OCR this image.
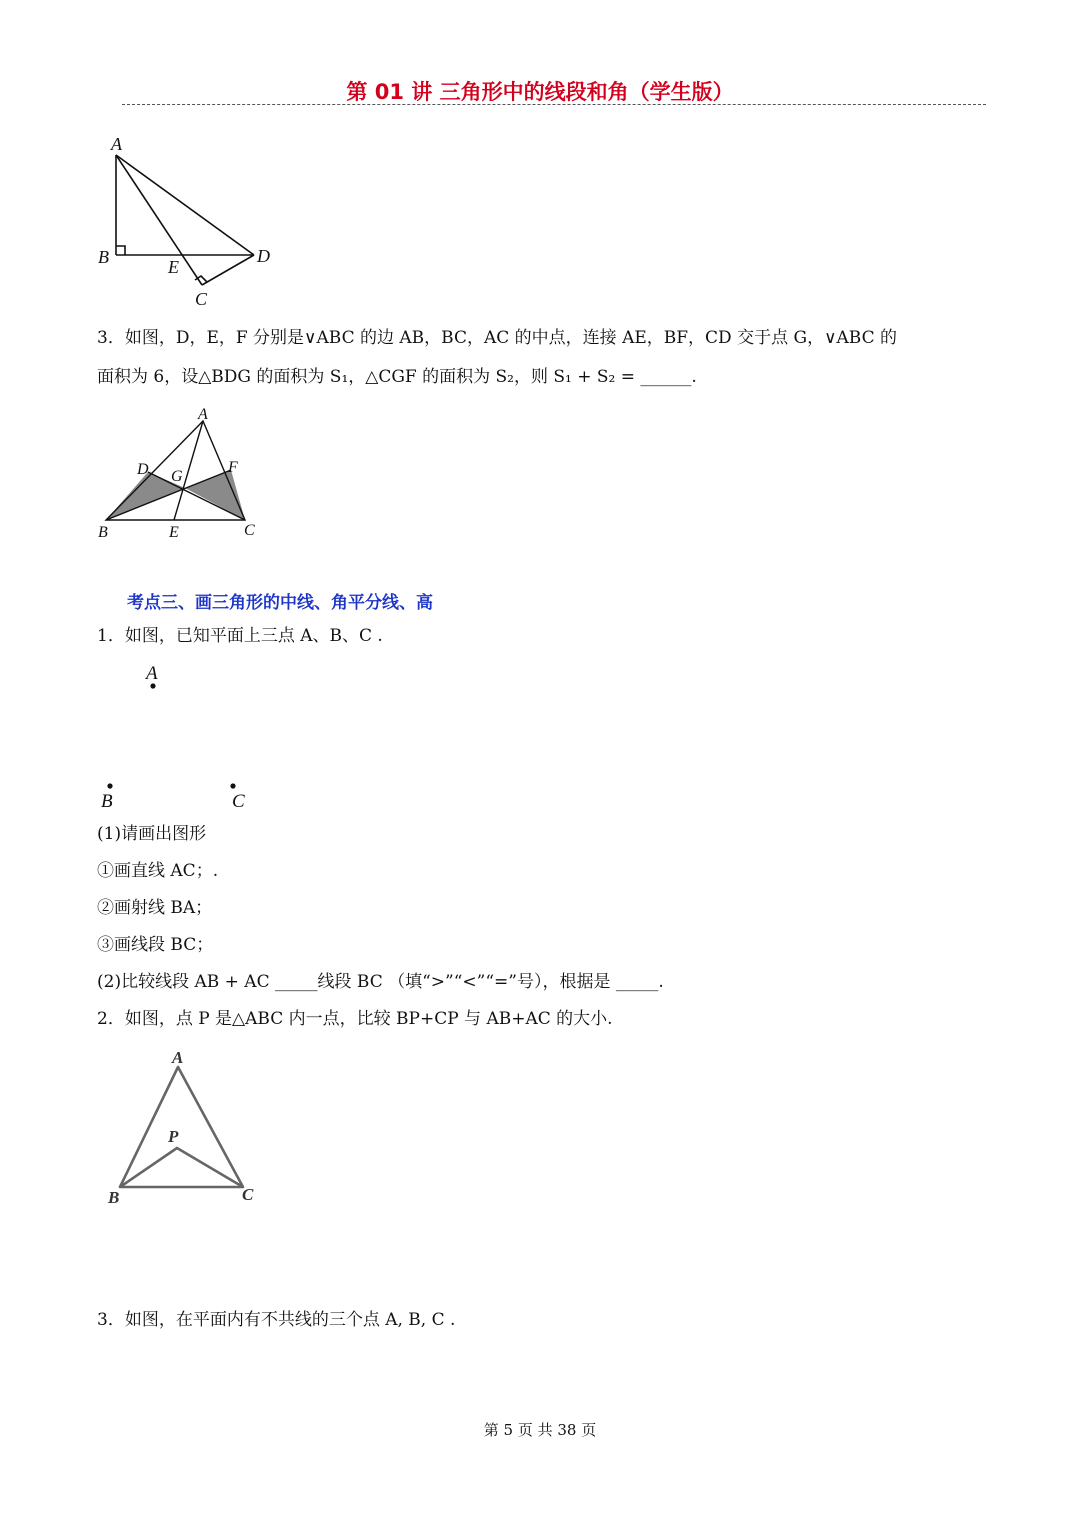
第 01 讲 三角形中的线段和角（学生版）
A
B	D
E
C
3．如图，D，E，F 分别是∨ABC 的边 AB，BC，AC 的中点，连接 AE，BF，CD 交于点 G，∨ABC 的
面积为 6，设△BDG 的面积为 S₁，△CGF 的面积为 S₂，则 S₁ + S₂ = ______.
A
D G
F
B	E	C
考点三、画三角形的中线、角平分线、高
1．如图，已知平面上三点 A、B、C .
A
B	C
(1)请画出图形
①画直线 AC；.
②画射线 BA；
③画线段 BC；
(2)比较线段 AB + AC _____线段 BC （填“>”“<”“=”号），根据是 _____.
2．如图，点 P 是△ABC 内一点，比较 BP+CP 与 AB+AC 的大小.
A
P
B	C
3．如图，在平面内有不共线的三个点 A, B, C .
第 5 页 共 38 页
